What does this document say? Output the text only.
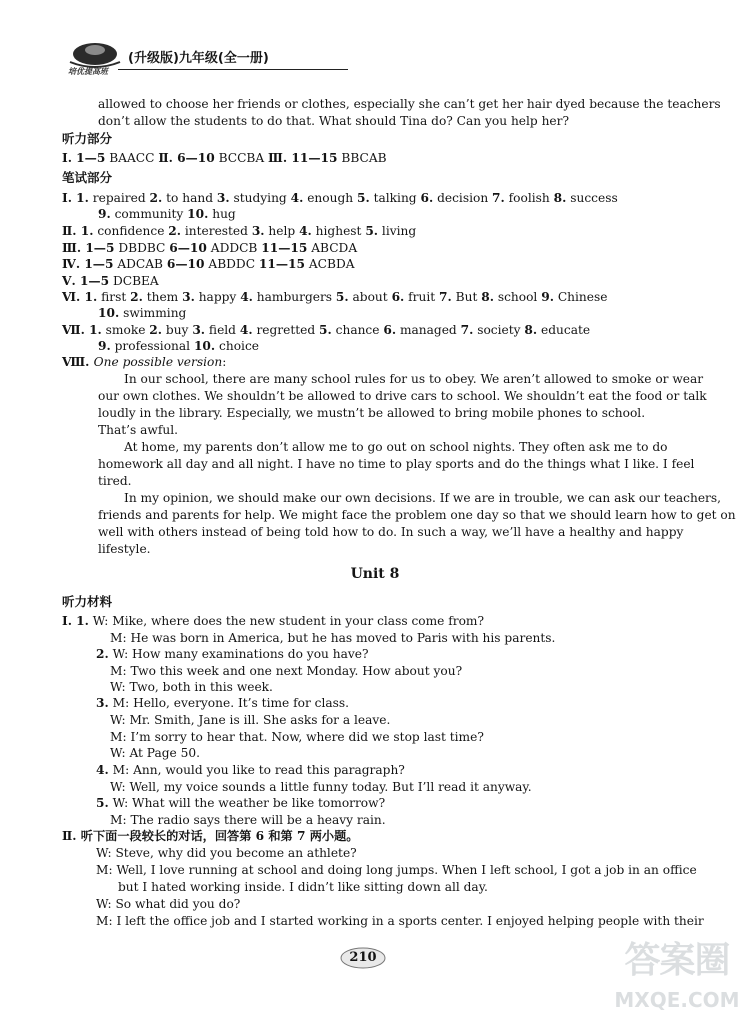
培优提高班
(升级版)九年级(全一册)
allowed to choose her friends or clothes, especially she can’t get her hair dyed because the teachers
don’t allow the students to do that. What should Tina do? Can you help her?
听力部分
Ⅰ. 1—5 BAACC Ⅱ. 6—10 BCCBA Ⅲ. 11—15 BBCAB
笔试部分
Ⅰ. 1. repaired 2. to hand 3. studying 4. enough 5. talking 6. decision 7. foolish 8. success
9. community 10. hug
Ⅱ. 1. confidence 2. interested 3. help 4. highest 5. living
Ⅲ. 1—5 DBDBC 6—10 ADDCB 11—15 ABCDA
Ⅳ. 1—5 ADCAB 6—10 ABDDC 11—15 ACBDA
Ⅴ. 1—5 DCBEA
Ⅵ. 1. first 2. them 3. happy 4. hamburgers 5. about 6. fruit 7. But 8. school 9. Chinese
10. swimming
Ⅶ. 1. smoke 2. buy 3. field 4. regretted 5. chance 6. managed 7. society 8. educate
9. professional 10. choice
Ⅷ. One possible version:
In our school, there are many school rules for us to obey. We aren’t allowed to smoke or wear
our own clothes. We shouldn’t be allowed to drive cars to school. We shouldn’t eat the food or talk
loudly in the library. Especially, we mustn’t be allowed to bring mobile phones to school.
That’s awful.
At home, my parents don’t allow me to go out on school nights. They often ask me to do
homework all day and all night. I have no time to play sports and do the things what I like. I feel
tired.
In my opinion, we should make our own decisions. If we are in trouble, we can ask our teachers,
friends and parents for help. We might face the problem one day so that we should learn how to get on
well with others instead of being told how to do. In such a way, we’ll have a healthy and happy
lifestyle.
听力材料
Ⅰ. 1. W: Mike, where does the new student in your class come from?
M: He was born in America, but he has moved to Paris with his parents.
2. W: How many examinations do you have?
M: Two this week and one next Monday. How about you?
W: Two, both in this week.
3. M: Hello, everyone. It’s time for class.
W: Mr. Smith, Jane is ill. She asks for a leave.
M: I’m sorry to hear that. Now, where did we stop last time?
W: At Page 50.
4. M: Ann, would you like to read this paragraph?
W: Well, my voice sounds a little funny today. But I’ll read it anyway.
5. W: What will the weather be like tomorrow?
M: The radio says there will be a heavy rain.
Ⅱ. 听下面一段较长的对话，回答第 6 和第 7 两小题。
W: Steve, why did you become an athlete?
M: Well, I love running at school and doing long jumps. When I left school, I got a job in an office
but I hated working inside. I didn’t like sitting down all day.
W: So what did you do?
M: I left the office job and I started working in a sports center. I enjoyed helping people with their
Unit 8
210	答案圈
MXQE.COM
